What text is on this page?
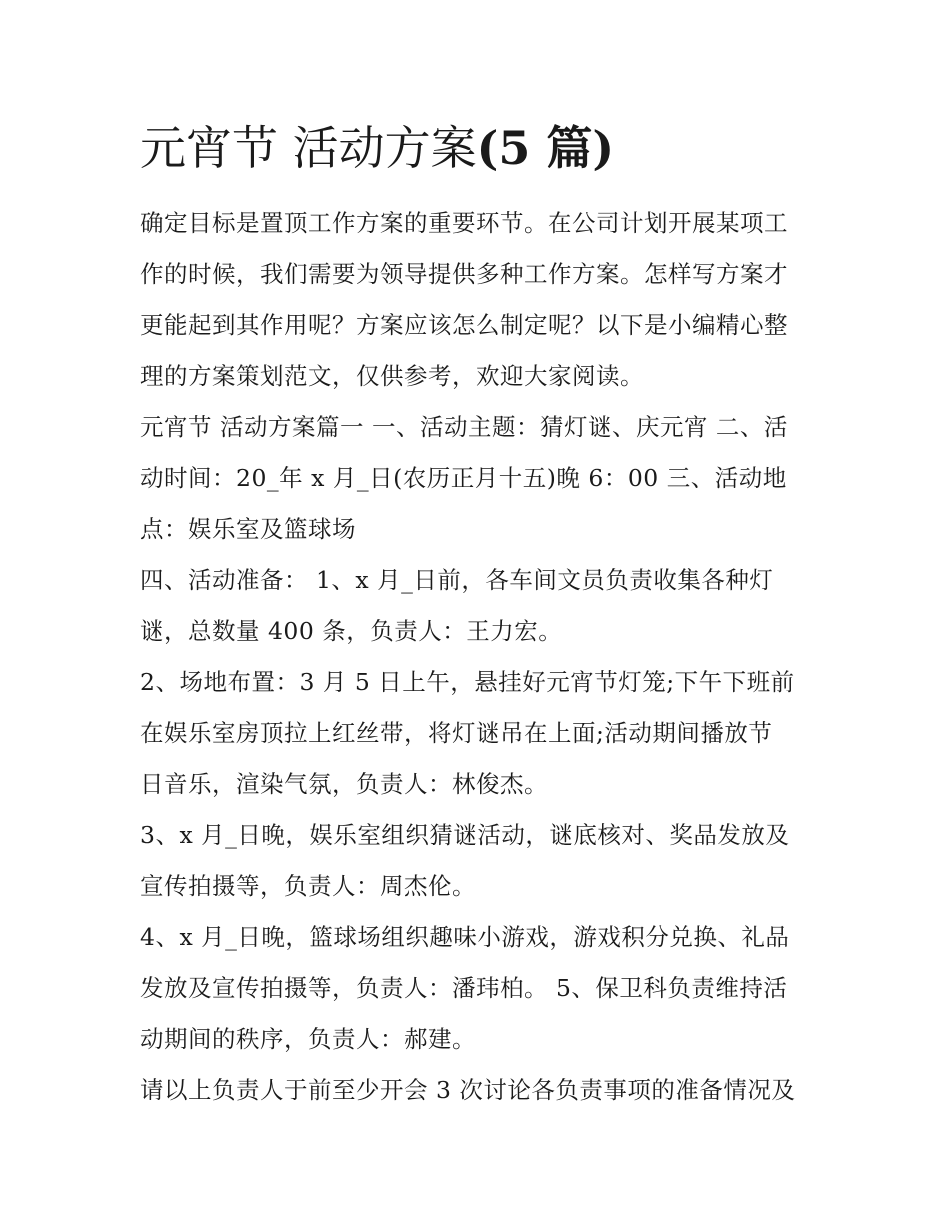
元宵节 活动方案(5 篇)
确定目标是置顶工作方案的重要环节。在公司计划开展某项工
作的时候，我们需要为领导提供多种工作方案。怎样写方案才
更能起到其作用呢？方案应该怎么制定呢？以下是小编精心整
理的方案策划范文，仅供参考，欢迎大家阅读。
元宵节 活动方案篇一 一、活动主题：猜灯谜、庆元宵 二、活
动时间：20_年 x 月_日(农历正月十五)晚 6：00 三、活动地
点：娱乐室及篮球场
四、活动准备： 1、x 月_日前，各车间文员负责收集各种灯
谜，总数量 400 条，负责人：王力宏。
2、场地布置：3 月 5 日上午，悬挂好元宵节灯笼;下午下班前
在娱乐室房顶拉上红丝带，将灯谜吊在上面;活动期间播放节
日音乐，渲染气氛，负责人：林俊杰。
3、x 月_日晚，娱乐室组织猜谜活动，谜底核对、奖品发放及
宣传拍摄等，负责人：周杰伦。
4、x 月_日晚，篮球场组织趣味小游戏，游戏积分兑换、礼品
发放及宣传拍摄等，负责人：潘玮柏。 5、保卫科负责维持活
动期间的秩序，负责人：郝建。
请以上负责人于前至少开会 3 次讨论各负责事项的准备情况及
